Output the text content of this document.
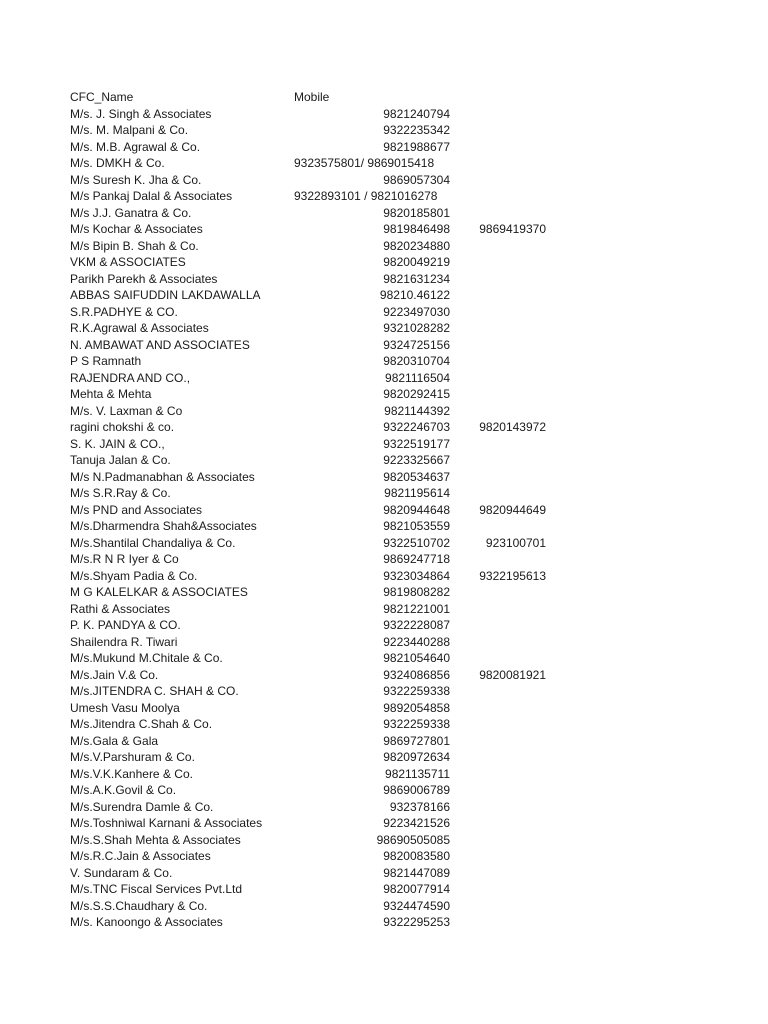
CFC_Name	Mobile
M/s. J. Singh & Associates	9821240794
M/s. M. Malpani & Co.	9322235342
M/s. M.B. Agrawal & Co.	9821988677
M/s. DMKH & Co.	9323575801/ 9869015418
M/s Suresh K. Jha & Co.	9869057304
M/s Pankaj Dalal & Associates	9322893101 / 9821016278
M/s J.J. Ganatra & Co.	9820185801
M/s Kochar & Associates	9819846498 9869419370
M/s Bipin B. Shah & Co.	9820234880
VKM & ASSOCIATES	9820049219
Parikh Parekh & Associates	9821631234
ABBAS SAIFUDDIN LAKDAWALLA	98210.46122
S.R.PADHYE & CO.	9223497030
R.K.Agrawal & Associates	9321028282
N. AMBAWAT AND ASSOCIATES	9324725156
P S Ramnath	9820310704
RAJENDRA AND CO.,	9821116504
Mehta & Mehta	9820292415
M/s. V. Laxman & Co	9821144392
ragini chokshi & co.	9322246703 9820143972
S. K. JAIN & CO.,	9322519177
Tanuja Jalan & Co.	9223325667
M/s N.Padmanabhan & Associates	9820534637
M/s S.R.Ray & Co.	9821195614
M/s PND and Associates	9820944648 9820944649
M/s.Dharmendra Shah&Associates	9821053559
M/s.Shantilal Chandaliya & Co.	9322510702	923100701
M/s.R N R Iyer & Co	9869247718
M/s.Shyam Padia & Co.	9323034864 9322195613
M G KALELKAR & ASSOCIATES	9819808282
Rathi & Associates	9821221001
P. K. PANDYA & CO.	9322228087
Shailendra R. Tiwari	9223440288
M/s.Mukund M.Chitale & Co.	9821054640
M/s.Jain V.& Co.	9324086856 9820081921
M/s.JITENDRA C. SHAH & CO.	9322259338
Umesh Vasu Moolya	9892054858
M/s.Jitendra C.Shah & Co.	9322259338
M/s.Gala & Gala	9869727801
M/s.V.Parshuram & Co.	9820972634
M/s.V.K.Kanhere & Co.	9821135711
M/s.A.K.Govil & Co.	9869006789
M/s.Surendra Damle & Co.	932378166
M/s.Toshniwal Karnani & Associates	9223421526
M/s.S.Shah Mehta & Associates	98690505085
M/s.R.C.Jain & Associates	9820083580
V. Sundaram & Co.	9821447089
M/s.TNC Fiscal Services Pvt.Ltd	9820077914
M/s.S.S.Chaudhary & Co.	9324474590
M/s. Kanoongo & Associates	9322295253
